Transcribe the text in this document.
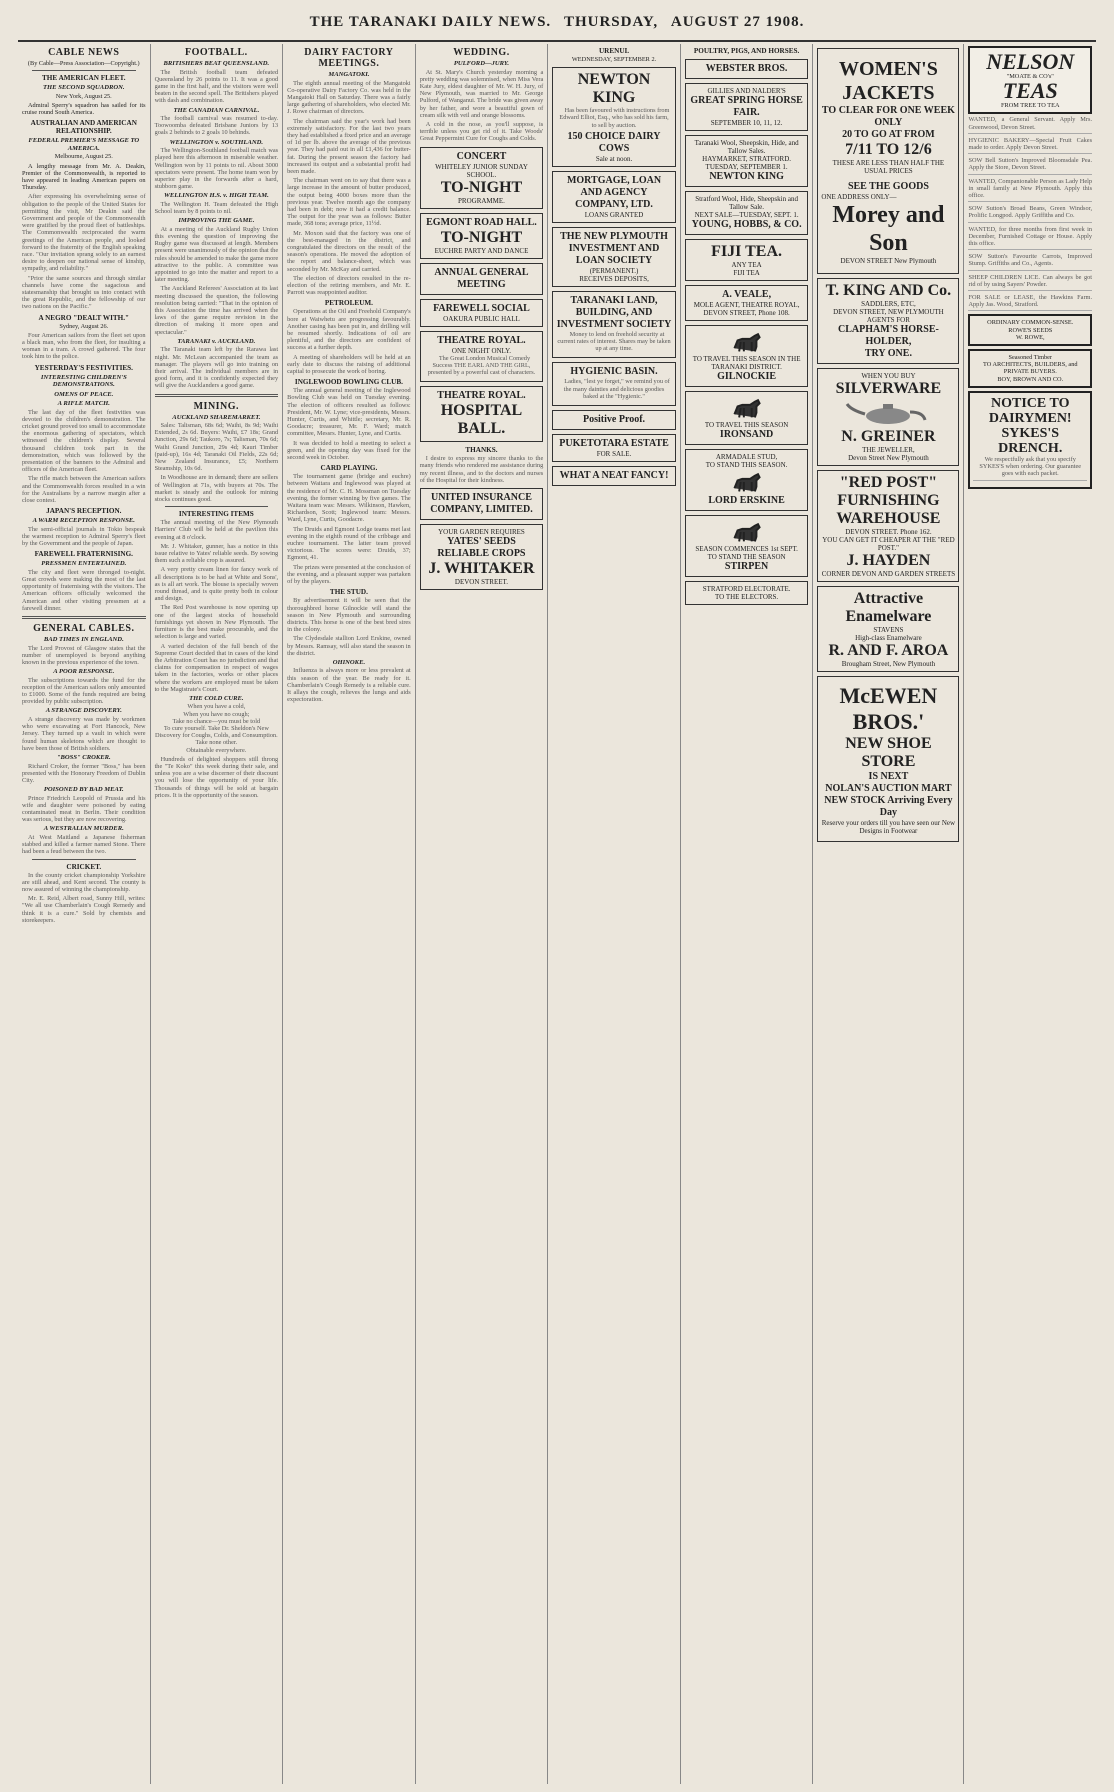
THE TARANAKI DAILY NEWS. THURSDAY, AUGUST 27 1908.
CABLE NEWS

(By Cable—Press Association—Copyright.)

THE AMERICAN FLEET.
THE SECOND SQUADRON.

New York, August 25.

Admiral Sperry's squadron has sailed for its cruise round South America.

AUSTRALIAN AND AMERICAN RELATIONSHIP.
FEDERAL PREMIER'S MESSAGE TO AMERICA.

Melbourne, August 25.

A lengthy message from Mr. A. Deakin, Premier of the Commonwealth, is reported to have appeared in leading American papers on Thursday.

After expressing his overwhelming sense of obligation to the people of the United States for permitting the visit, Mr Deakin said the Government and people of the Commonwealth were gratified by the proud fleet of battleships. The Commonwealth reciprocated the warm greetings of the American people, and looked forward to the fraternity of the English speaking race. "Our invitation sprang solely to an earnest desire to deepen our national sense of kinship, sympathy, and reliability."

"Prior the same sources and through similar channels have come the sagacious and statesmanship that brought us into contact with the great Republic, and the fellowship of our two nations on the Pacific."

A NEGRO "DEALT WITH."

Sydney, August 26.

Four American sailors from the fleet set upon a black man, who from the fleet, for insulting a woman in a tram. A crowd gathered. The four took him to the police.

YESTERDAY'S FESTIVITIES.
INTERESTING CHILDREN'S DEMONSTRATIONS.
OMENS OF PEACE.
A RIFLE MATCH.

The last day of the fleet festivities was devoted to the children's demonstration. The cricket ground proved too small to accommodate the enormous gathering of spectators, which witnessed the children's display. Several thousand children took part in the demonstration, which was followed by the presentation of the banners to the Admiral and officers of the American fleet.

The rifle match between the American sailors and the Commonwealth forces resulted in a win for the Australians by a narrow margin after a close contest.

JAPAN'S RECEPTION.
A WARM RECEPTION RESPONSE.

The semi-official journals in Tokio bespeak the warmest reception to Admiral Sperry's fleet by the Government and the people of Japan.

FAREWELL FRATERNISING.
PRESSMEN ENTERTAINED.

The city and fleet were thronged to-night. Great crowds were making the most of the last opportunity of fraternising with the visitors. The American officers officially welcomed the American and other visiting pressmen at a farewell dinner.

GENERAL CABLES.
BAD TIMES IN ENGLAND.

The Lord Provost of Glasgow states that the number of unemployed is beyond anything known in the previous experience of the town.

A POOR RESPONSE.

The subscriptions towards the fund for the reception of the American sailors only amounted to £1000. Some of the funds required are being provided by public subscription.

A STRANGE DISCOVERY.

A strange discovery was made by workmen who were excavating at Fort Hancock, New Jersey. They turned up a vault in which were found human skeletons which are thought to have been those of British soldiers.

"BOSS" CROKER.

Richard Croker, the former "Boss," has been presented with the Honorary Freedom of Dublin City.

POISONED BY BAD MEAT.

Prince Friedrich Leopold of Prussia and his wife and daughter were poisoned by eating contaminated meat in Berlin. Their condition was serious, but they are now recovering.

A WESTRALIAN MURDER.

At West Maitland a Japanese fisherman stabbed and killed a farmer named Stone. There had been a feud between the two.

CRICKET.

In the county cricket championship Yorkshire are still ahead, and Kent second. The county is now assured of winning the championship.

Mr. E. Reid, Albert road, Sunny Hill, writes: "We all use Chamberlain's Cough Remedy and think it is a cure." Sold by chemists and storekeepers.

FOOTBALL.
BRITISHERS BEAT QUEENSLAND.

The British football team defeated Queensland by 26 points to 11. It was a good game in the first half, and the visitors were well beaten in the second spell. The Britishers played with dash and combination.

THE CANADIAN CARNIVAL.

The football carnival was resumed to-day. Toowoomba defeated Brisbane Juniors by 13 goals 2 behinds to 2 goals 10 behinds.

WELLINGTON v. SOUTHLAND.

The Wellington-Southland football match was played here this afternoon in miserable weather. Wellington won by 11 points to nil. About 3000 spectators were present. The home team won by superior play in the forwards after a hard, stubborn game.

WELLINGTON H.S. v. HIGH TEAM.

The Wellington H. Team defeated the High School team by 8 points to nil.

IMPROVING THE GAME.

At a meeting of the Auckland Rugby Union this evening the question of improving the Rugby game was discussed at length. Members present were unanimously of the opinion that the rules should be amended to make the game more attractive to the public. A committee was appointed to go into the matter and report to a later meeting.

The Auckland Referees' Association at its last meeting discussed the question, the following resolution being carried: "That in the opinion of this Association the time has arrived when the laws of the game require revision in the direction of making it more open and spectacular."

TARANAKI v. AUCKLAND.

The Taranaki team left by the Rarawa last night. Mr. McLean accompanied the team as manager. The players will go into training on their arrival. The individual members are in good form, and it is confidently expected they will give the Aucklanders a good game.

MINING.
AUCKLAND SHAREMARKET.

Sales: Talisman, 68s 6d; Waihi, 8s 9d; Waihi Extended, 2s 6d. Buyers: Waihi, £7 18s; Grand Junction, 29s 6d; Taukoro, 7s; Talisman, 70s 6d; Waihi Grand Junction, 29s 4d; Kauri Timber (paid-up), 16s 4d; Taranaki Oil Fields, 22s 6d; New Zealand Insurance, £5; Northern Steamship, 10s 6d.

In Woodhouse are in demand; there are sellers of Wellington at 71s, with buyers at 70s. The market is steady and the outlook for mining stocks continues good.

INTERESTING ITEMS

The annual meeting of the New Plymouth Harriers' Club will be held at the pavilion this evening at 8 o'clock.

Mr. J. Whitaker, gunner, has a notice in this issue relative to Yates' reliable seeds. By sowing them such a reliable crop is assured.

A very pretty cream linen for fancy work of all descriptions is to be had at White and Sons', as is all art work. The blouse is specially woven round thread, and is quite pretty both in colour and design.

The Red Post warehouse is now opening up one of the largest stocks of household furnishings yet shown in New Plymouth. The furniture is the best make procurable, and the selection is large and varied.

A varied decision of the full bench of the Supreme Court decided that in cases of the kind the Arbitration Court has no jurisdiction and that claims for compensation in respect of wages taken in the factories, works or other places where the workers are employed must be taken to the Magistrate's Court.

THE COLD CURE.

When you have a cold,
When you have no cough;
Take no chance—you must be told
To cure yourself. Take Dr. Sheldon's New Discovery for Coughs, Colds, and Consumption.
Take none other.
Obtainable everywhere.

Hundreds of delighted shoppers still throng the "Te Koko" this week during their sale, and unless you are a wise discerner of their discount you will lose the opportunity of your life. Thousands of things will be sold at bargain prices. It is the opportunity of the season.

DAIRY FACTORY MEETINGS.
MANGATOKI.

The eighth annual meeting of the Mangatoki Co-operative Dairy Factory Co. was held in the Mangatoki Hall on Saturday. There was a fairly large gathering of shareholders, who elected Mr. J. Rowe chairman of directors.

The chairman said the year's work had been extremely satisfactory. For the last two years they had established a fixed price and an average of 1d per lb. above the average of the previous year. They had paid out in all £1,436 for butter-fat. During the present season the factory had increased its output and a substantial profit had been made.

The chairman went on to say that there was a large increase in the amount of butter produced, the output being 4000 boxes more than the previous year. Twelve month ago the company had been in debt; now it had a credit balance. The output for the year was as follows: Butter made, 368 tons; average price, 11½d.

Mr. Moxon said that the factory was one of the best-managed in the district, and congratulated the directors on the result of the season's operations. He moved the adoption of the report and balance-sheet, which was seconded by Mr. McKay and carried.

The election of directors resulted in the re-election of the retiring members, and Mr. E. Parrott was reappointed auditor.

PETROLEUM.

Operations at the Oil and Freehold Company's bore at Waiwhetu are progressing favourably. Another casing has been put in, and drilling will be resumed shortly. Indications of oil are plentiful, and the directors are confident of success at a further depth.

A meeting of shareholders will be held at an early date to discuss the raising of additional capital to prosecute the work of boring.

INGLEWOOD BOWLING CLUB.

The annual general meeting of the Inglewood Bowling Club was held on Tuesday evening. The election of officers resulted as follows: President, Mr. W. Lyne; vice-presidents, Messrs. Hunter, Curtis, and Whittle; secretary, Mr. R. Goodacre; treasurer, Mr. F. Ward; match committee, Messrs. Hunter, Lyne, and Curtis.

It was decided to hold a meeting to select a green, and the opening day was fixed for the second week in October.

CARD PLAYING.

The tournament game (bridge and euchre) between Waitara and Inglewood was played at the residence of Mr. C. H. Mossman on Tuesday evening, the former winning by five games. The Waitara team was: Messrs. Wilkinson, Hawken, Richardson, Scott; Inglewood team: Messrs. Ward, Lyne, Curtis, Goodacre.

The Druids and Egmont Lodge teams met last evening in the eighth round of the cribbage and euchre tournament. The latter team proved victorious. The scores were: Druids, 37; Egmont, 41.

The prizes were presented at the conclusion of the evening, and a pleasant supper was partaken of by the players.

THE STUD.

By advertisement it will be seen that the thoroughbred horse Gilnockie will stand the season in New Plymouth and surrounding districts. This horse is one of the best bred sires in the colony.

The Clydesdale stallion Lord Erskine, owned by Messrs. Ramsay, will also stand the season in the district.

OHINOKE.

Influenza is always more or less prevalent at this season of the year. Be ready for it. Chamberlain's Cough Remedy is a reliable cure. It allays the cough, relieves the lungs and aids expectoration.

WEDDING.
PULFORD—JURY.

At St. Mary's Church yesterday morning a pretty wedding was solemnised, when Miss Vera Kate Jury, eldest daughter of Mr. W. H. Jury, of New Plymouth, was married to Mr. George Pulford, of Wanganui. The bride was given away by her father, and wore a beautiful gown of cream silk with veil and orange blossoms.

A cold in the nose, as you'll suppose, is terrible unless you get rid of it. Take Woods' Great Peppermint Cure for Coughs and Colds.

CONCERT
WHITELEY JUNIOR SUNDAY SCHOOL.
TO-NIGHT
PROGRAMME.
EGMONT ROAD HALL.
TO-NIGHT
EUCHRE PARTY AND DANCE
ANNUAL GENERAL MEETING
FAREWELL SOCIAL
OAKURA PUBLIC HALL
THEATRE ROYAL.
ONE NIGHT ONLY.

The Great London Musical Comedy Success THE EARL AND THE GIRL, presented by a powerful cast of characters.

THEATRE ROYAL.
HOSPITAL BALL.
THANKS.

I desire to express my sincere thanks to the many friends who rendered me assistance during my recent illness, and to the doctors and nurses of the Hospital for their kindness.

UNITED INSURANCE COMPANY, LIMITED.
YOUR GARDEN REQUIRES
YATES' SEEDS
RELIABLE CROPS
J. WHITAKER
DEVON STREET.
URENUI.

WEDNESDAY, SEPTEMBER 2.

NEWTON KING

Has been favoured with instructions from Edward Elliot, Esq., who has sold his farm, to sell by auction.

150 CHOICE DAIRY COWS
Sale at noon.
MORTGAGE, LOAN AND AGENCY COMPANY, LTD.
LOANS GRANTED
THE NEW PLYMOUTH INVESTMENT AND LOAN SOCIETY
(PERMANENT.)
RECEIVES DEPOSITS,
TARANAKI LAND, BUILDING, AND INVESTMENT SOCIETY

Money to lend on freehold security at current rates of interest. Shares may be taken up at any time.

HYGIENIC BASIN.

Ladies, "lest ye forget," we remind you of the many dainties and delicious goodies baked at the "Hygienic."

Positive Proof.
PUKETOTARA ESTATE
FOR SALE.
WHAT A NEAT FANCY!
POULTRY, PIGS, AND HORSES.
WEBSTER BROS.
GILLIES AND NALDER'S
GREAT SPRING HORSE FAIR.
SEPTEMBER 10, 11, 12.
Taranaki Wool, Sheepskin, Hide, and Tallow Sales.
HAYMARKET, STRATFORD.
TUESDAY, SEPTEMBER 1.
NEWTON KING
Stratford Wool, Hide, Sheepskin and Tallow Sale.
NEXT SALE—TUESDAY, SEPT. 1.
YOUNG, HOBBS, & CO.
FIJI TEA.
ANY TEA
FIJI TEA
A. VEALE,
MOLE AGENT, THEATRE ROYAL, DEVON STREET, Phone 108.
TO TRAVEL THIS SEASON IN THE TARANAKI DISTRICT.
GILNOCKIE
TO TRAVEL THIS SEASON
IRONSAND
ARMADALE STUD,
TO STAND THIS SEASON.
LORD ERSKINE
SEASON COMMENCES 1st SEPT.
TO STAND THE SEASON
STIRPEN
STRATFORD ELECTORATE.
TO THE ELECTORS.
WOMEN'S JACKETS
TO CLEAR FOR ONE WEEK ONLY
20 TO GO AT FROM
7/11 TO 12/6
THESE ARE LESS THAN HALF THE USUAL PRICES
SEE THE GOODS
ONE ADDRESS ONLY—
Morey and Son
DEVON STREET New Plymouth
T. KING AND Co.
SADDLERS, ETC,
DEVON STREET, NEW PLYMOUTH
AGENTS FOR
CLAPHAM'S HORSE-HOLDER,
TRY ONE.
WHEN YOU BUY
SILVERWARE
N. GREINER
THE JEWELLER,
Devon Street New Plymouth
"RED POST" FURNISHING WAREHOUSE
DEVON STREET. Phone 162.
YOU CAN GET IT CHEAPER AT THE "RED POST."
J. HAYDEN
CORNER DEVON AND GARDEN STREETS
Attractive Enamelware
STAVENS
High-class Enamelware
R. AND F. AROA
Brougham Street, New Plymouth
McEWEN BROS.'
NEW SHOE STORE
IS NEXT
NOLAN'S AUCTION MART
NEW STOCK Arriving Every Day
Reserve your orders till you have seen our New Designs in Footwear
NELSON
"MOATE & CO's"
TEAS
FROM TREE TO TEA

WANTED, a General Servant. Apply Mrs. Greenwood, Devon Street.

HYGIENIC BAKERY—Special Fruit Cakes made to order. Apply Devon Street.

SOW Bell Sutton's Improved Bloomsdale Pea. Apply the Store, Devon Street.

WANTED, Companionable Person as Lady Help in small family at New Plymouth. Apply this office.

SOW Sutton's Broad Beans, Green Windsor, Prolific Longpod. Apply Griffiths and Co.

WANTED, for three months from first week in December, Furnished Cottage or House. Apply this office.

SOW Sutton's Favourite Carrots, Improved Stump. Griffiths and Co., Agents.

SHEEP CHILDREN LICE. Can always be got rid of by using Sayers' Powder.

FOR SALE or LEASE, the Hawkins Farm. Apply Jas. Wood, Stratford.

ORDINARY COMMON-SENSE.
ROWE'S SEEDS
W. ROWE,
Seasoned Timber
TO ARCHITECTS, BUILDERS, and PRIVATE BUYERS.
BOY, BROWN AND CO.
NOTICE TO DAIRYMEN!
SYKES'S DRENCH.

We respectfully ask that you specify SYKES'S when ordering. Our guarantee goes with each packet.
